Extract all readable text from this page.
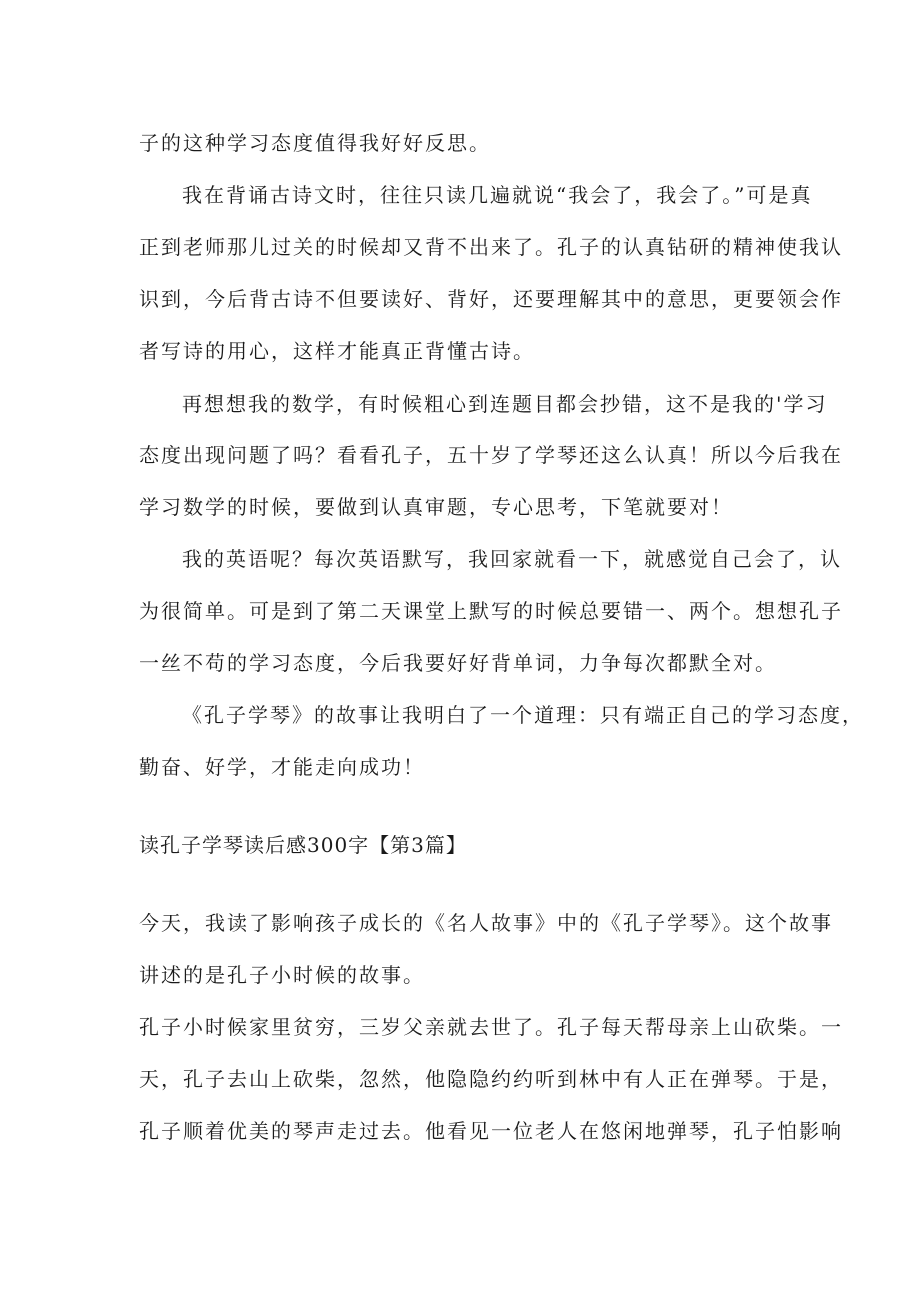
子的这种学习态度值得我好好反思。
我在背诵古诗文时，往往只读几遍就说“我会了，我会了。”可是真
正到老师那儿过关的时候却又背不出来了。孔子的认真钻研的精神使我认
识到，今后背古诗不但要读好、背好，还要理解其中的意思，更要领会作
者写诗的用心，这样才能真正背懂古诗。
再想想我的数学，有时候粗心到连题目都会抄错，这不是我的'学习
态度出现问题了吗？看看孔子，五十岁了学琴还这么认真！所以今后我在
学习数学的时候，要做到认真审题，专心思考，下笔就要对！
我的英语呢？每次英语默写，我回家就看一下，就感觉自己会了，认
为很简单。可是到了第二天课堂上默写的时候总要错一、两个。想想孔子
一丝不苟的学习态度，今后我要好好背单词，力争每次都默全对。
《孔子学琴》的故事让我明白了一个道理：只有端正自己的学习态度，
勤奋、好学，才能走向成功！
读孔子学琴读后感300字【第3篇】
今天，我读了影响孩子成长的《名人故事》中的《孔子学琴》。这个故事
讲述的是孔子小时候的故事。
孔子小时候家里贫穷，三岁父亲就去世了。孔子每天帮母亲上山砍柴。一
天，孔子去山上砍柴，忽然，他隐隐约约听到林中有人正在弹琴。于是，
孔子顺着优美的琴声走过去。他看见一位老人在悠闲地弹琴，孔子怕影响
